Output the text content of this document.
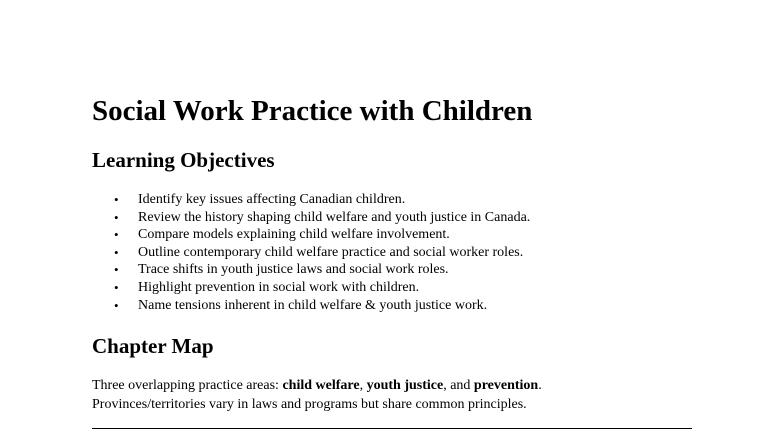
Social Work Practice with Children
Learning Objectives
• Identify key issues affecting Canadian children.
• Review the history shaping child welfare and youth justice in Canada.
• Compare models explaining child welfare involvement.
• Outline contemporary child welfare practice and social worker roles.
• Trace shifts in youth justice laws and social work roles.
• Highlight prevention in social work with children.
• Name tensions inherent in child welfare & youth justice work.
Chapter Map

Three overlapping practice areas: child welfare, youth justice, and prevention.

Provinces/territories vary in laws and programs but share common principles.
